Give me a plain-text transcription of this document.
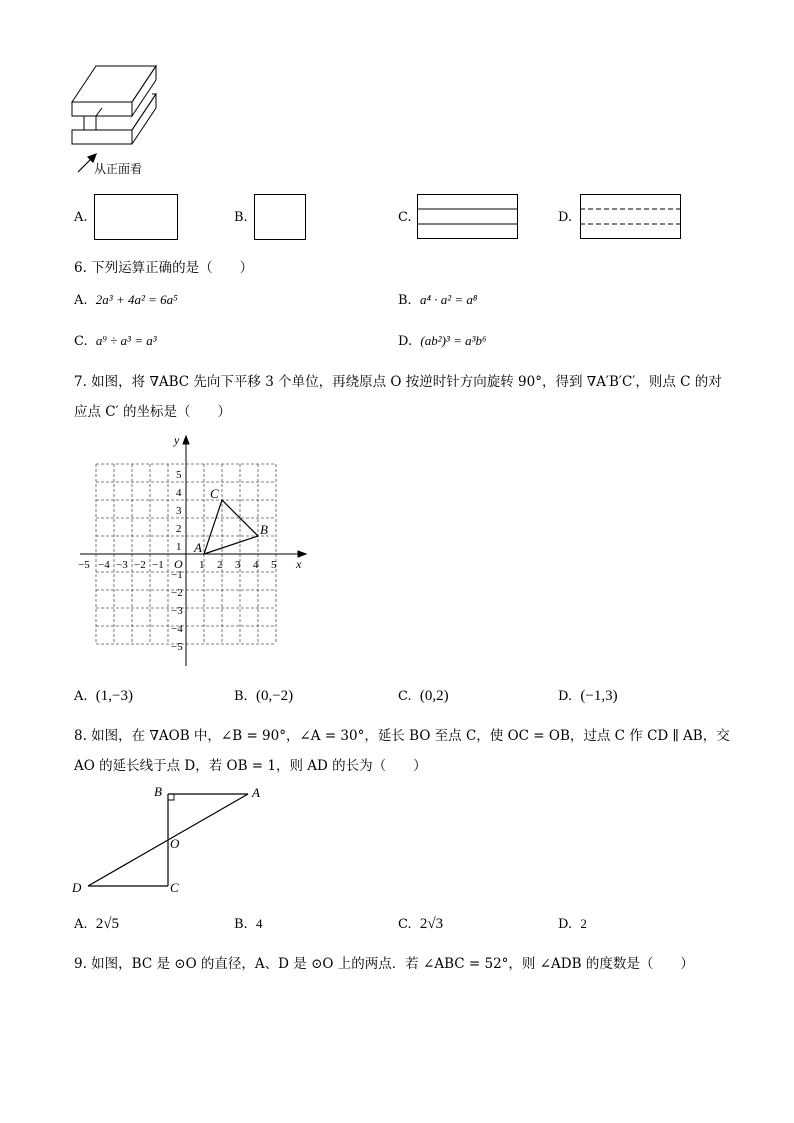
从正面看
A.	B.	C.	D.
6. 下列运算正确的是（　　）
A. 2a³ + 4a² = 6a⁵	B. a⁴ · a² = a⁸
C. a⁹ ÷ a³ = a³	D. (ab²)³ = a³b⁶
7. 如图，将 ∇ABC 先向下平移 3 个单位，再绕原点 O 按逆时针方向旋转 90°，得到 ∇A′B′C′，则点 C 的对
应点 C′ 的坐标是（　　）
x
y
O
−5 −4 −3 −2 −1	1 2 3 4 5
1
2
3
4
5
−1
−2
−3
−4
−5
A
B
C
A. (1,−3)	B. (0,−2)	C. (0,2)	D. (−1,3)
8. 如图，在 ∇AOB 中，∠B = 90°，∠A = 30°，延长 BO 至点 C，使 OC = OB，过点 C 作 CD ∥ AB，交
AO 的延长线于点 D，若 OB = 1，则 AD 的长为（　　）
B	A
O
C
D
A. 2√5	B. 4	C. 2√3	D. 2
9. 如图，BC 是 ⊙O 的直径，A、D 是 ⊙O 上的两点．若 ∠ABC = 52°，则 ∠ADB 的度数是（　　）
